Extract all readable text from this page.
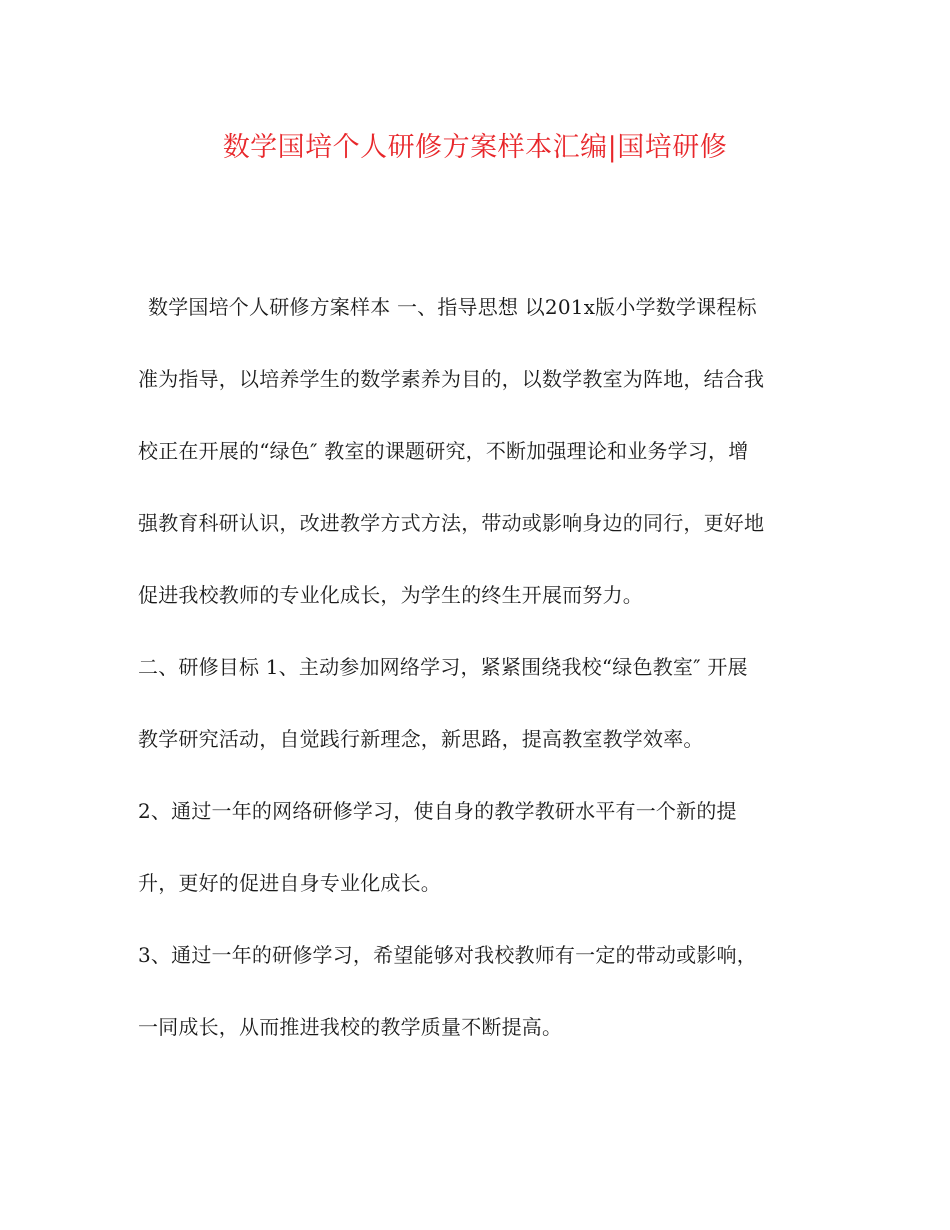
数学国培个人研修方案样本汇编|国培研修
数学国培个人研修方案样本 一、指导思想 以201x版小学数学课程标
准为指导，以培养学生的数学素养为目的，以数学教室为阵地，结合我
校正在开展的“绿色″ 教室的课题研究，不断加强理论和业务学习，增
强教育科研认识，改进教学方式方法，带动或影响身边的同行，更好地
促进我校教师的专业化成长，为学生的终生开展而努力。
二、研修目标 1、主动参加网络学习，紧紧围绕我校“绿色教室″ 开展
教学研究活动，自觉践行新理念，新思路，提高教室教学效率。
2、通过一年的网络研修学习，使自身的教学教研水平有一个新的提
升，更好的促进自身专业化成长。
3、通过一年的研修学习，希望能够对我校教师有一定的带动或影响，
一同成长，从而推进我校的教学质量不断提高。
